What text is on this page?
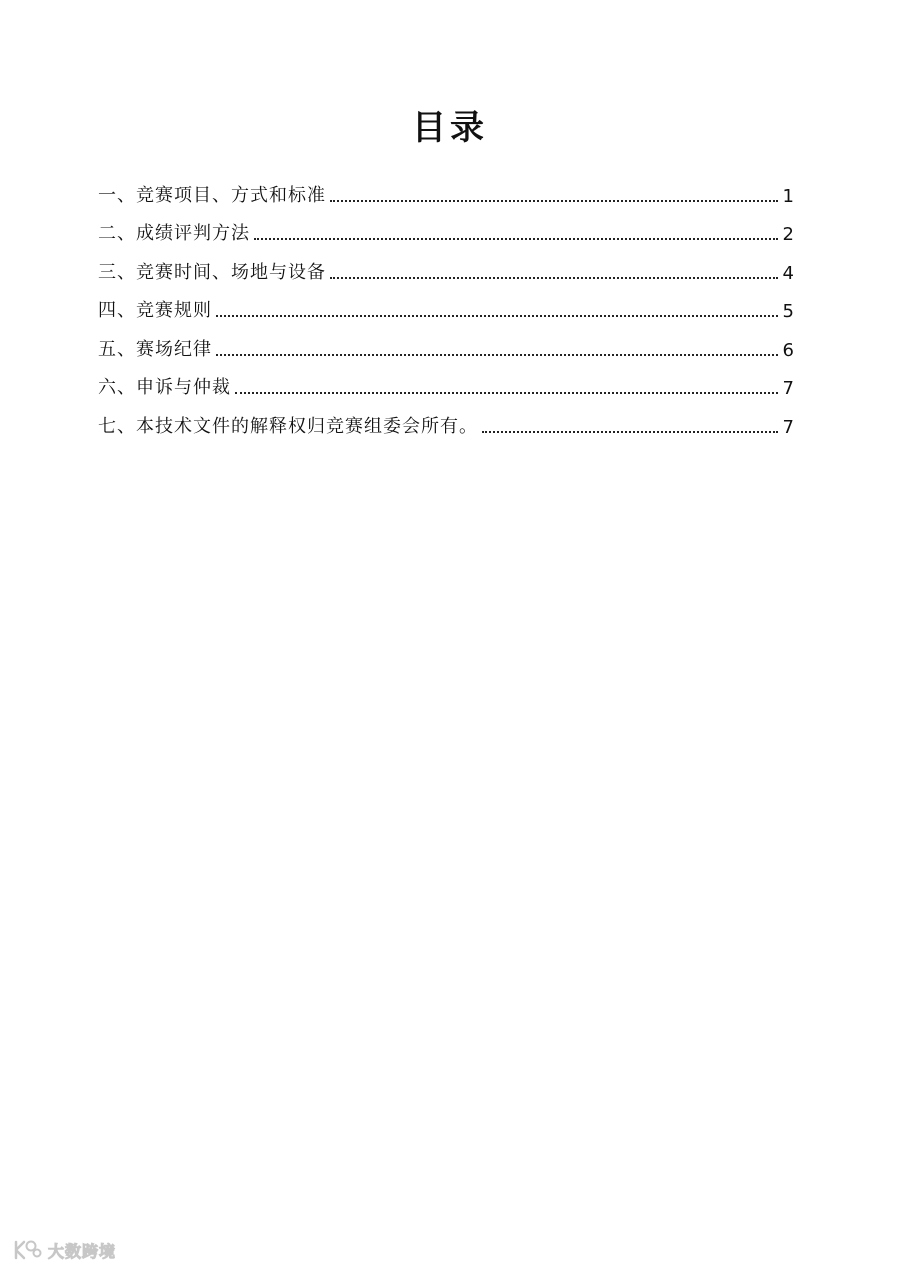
目录
一、竞赛项目、方式和标准	1
二、成绩评判方法	2
三、竞赛时间、场地与设备	4
四、竞赛规则	5
五、赛场纪律	6
六、申诉与仲裁	7
七、本技术文件的解释权归竞赛组委会所有。	7
大数跨境
